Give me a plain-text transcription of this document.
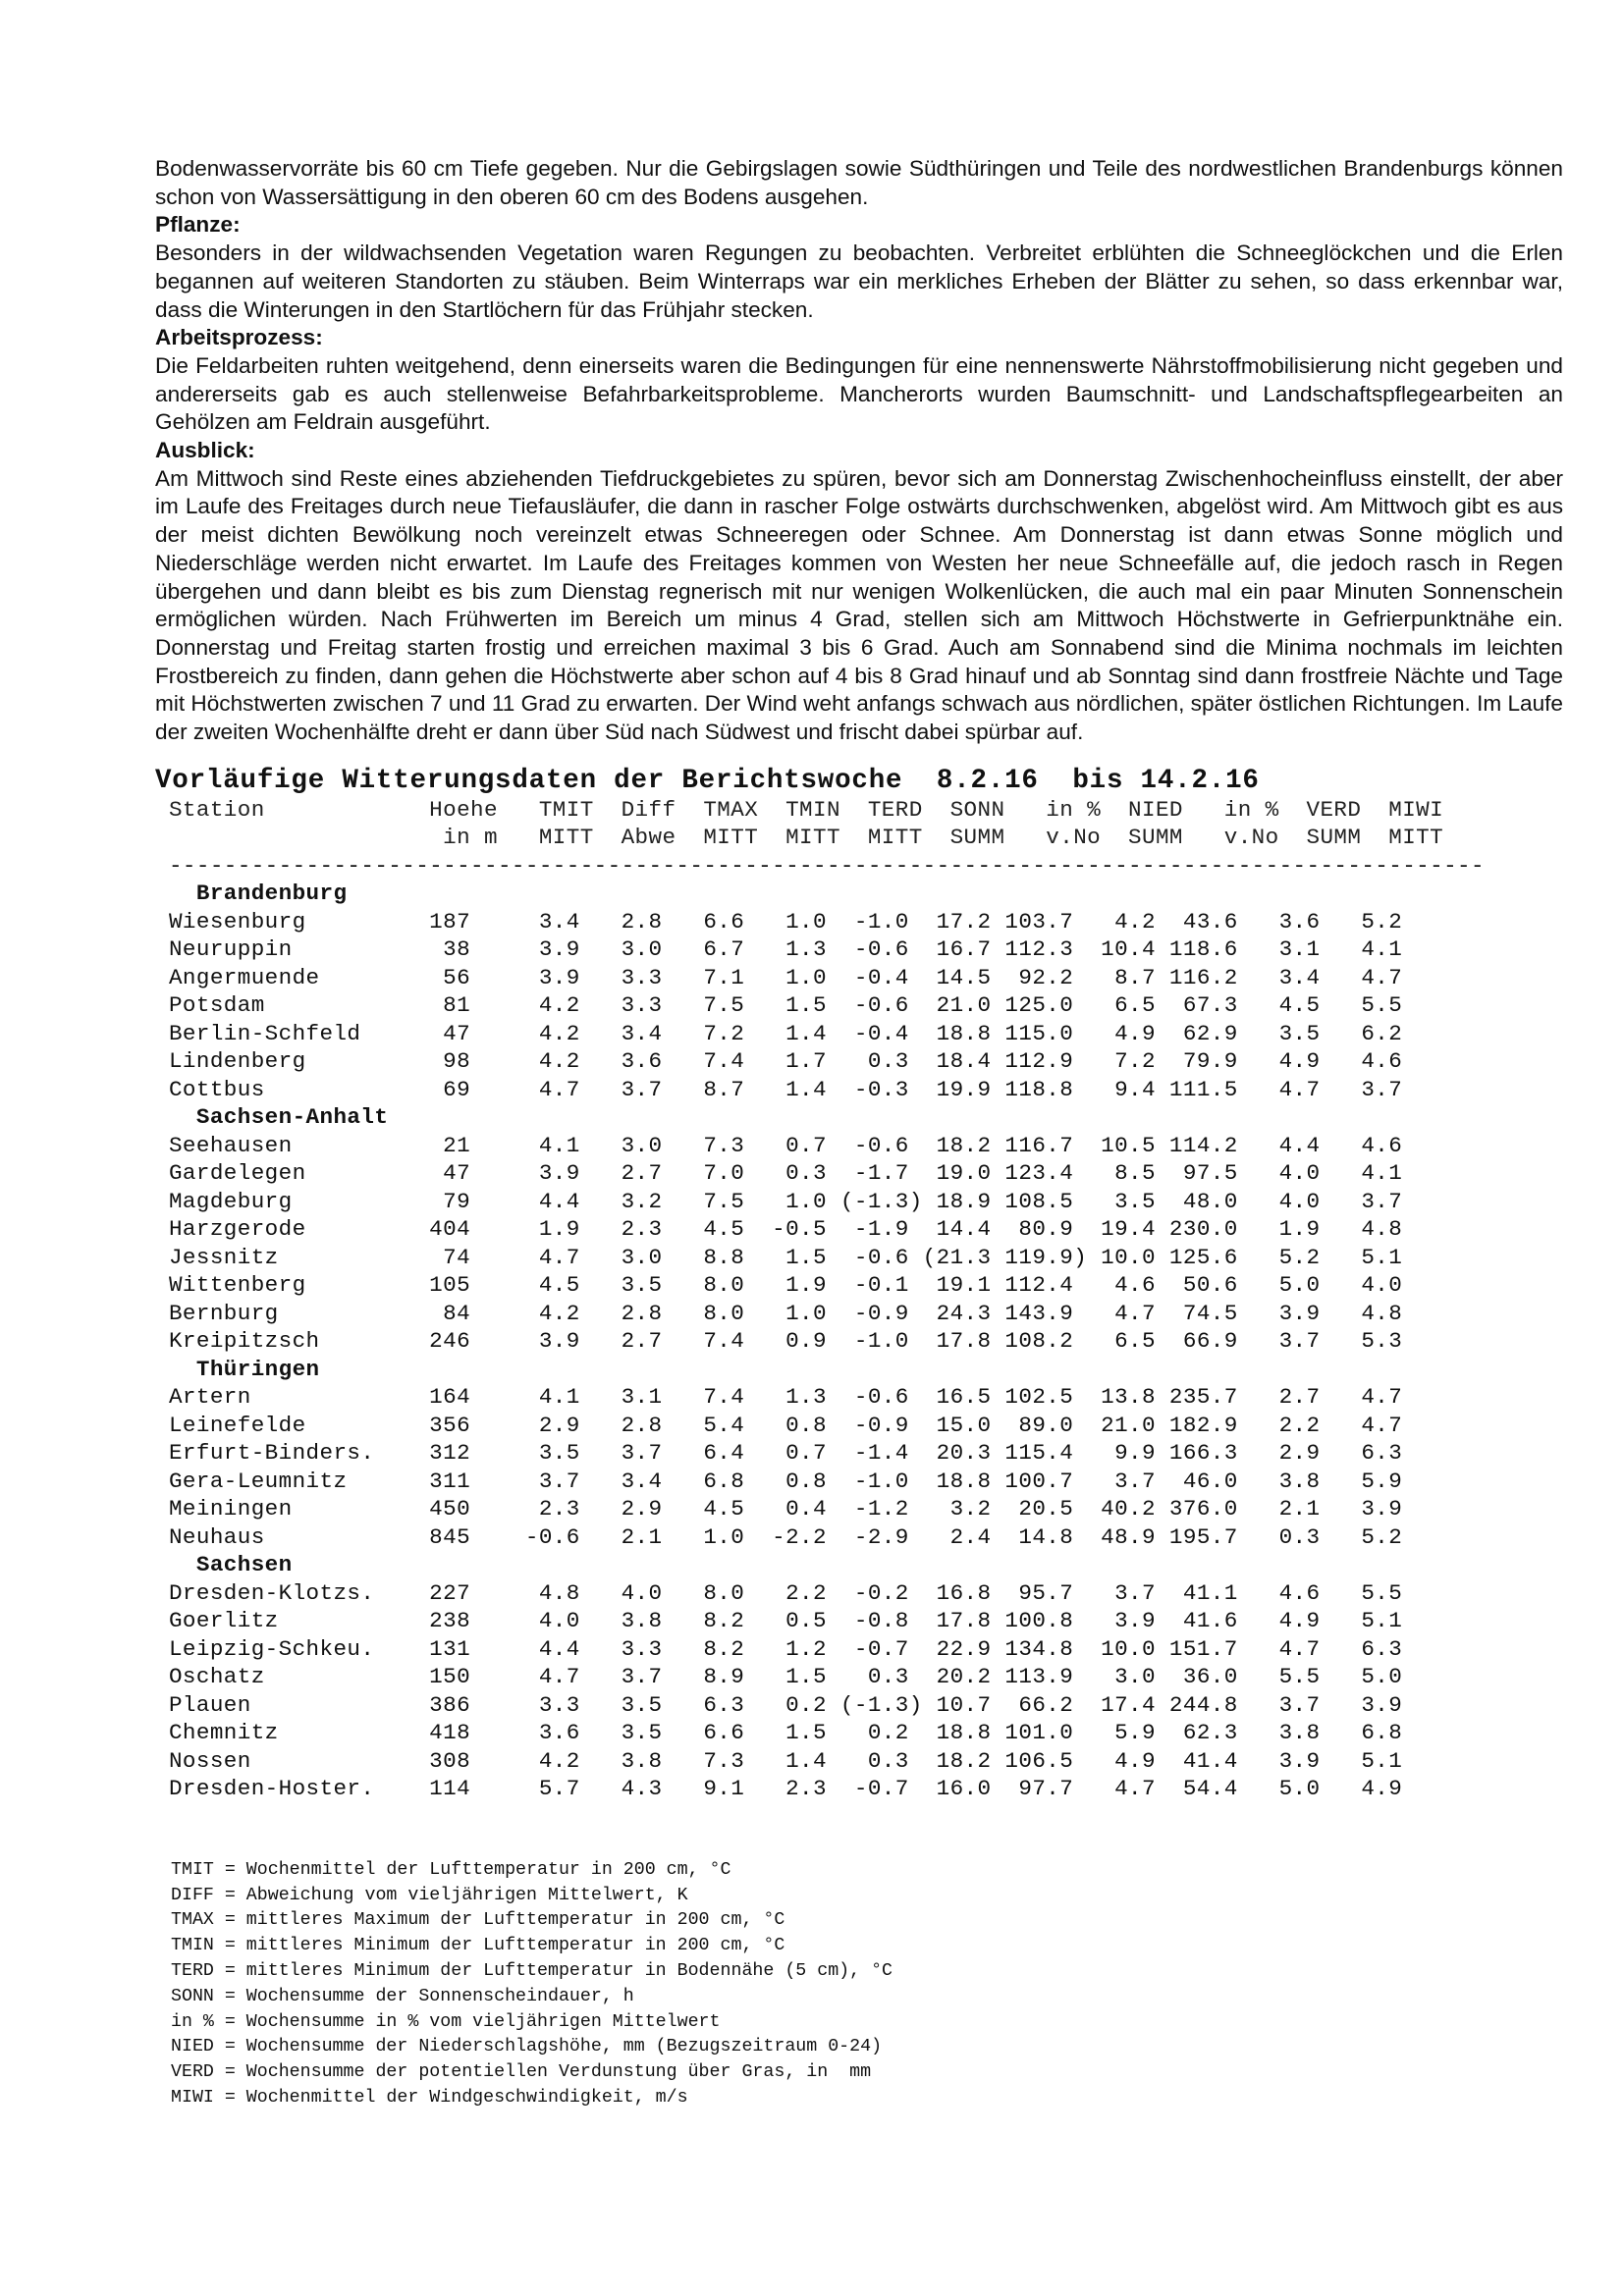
Bodenwasservorräte bis 60 cm Tiefe gegeben. Nur die Gebirgslagen sowie Südthüringen und Teile des nordwestlichen Brandenburgs können schon von Wassersättigung in den oberen 60 cm des Bodens ausgehen.

Pflanze:

Besonders in der wildwachsenden Vegetation waren Regungen zu beobachten. Verbreitet erblühten die Schneeglöckchen und die Erlen begannen auf weiteren Standorten zu stäuben. Beim Winterraps war ein merkliches Erheben der Blätter zu sehen, so dass erkennbar war, dass die Winterungen in den Startlöchern für das Frühjahr stecken.

Arbeitsprozess:

Die Feldarbeiten ruhten weitgehend, denn einerseits waren die Bedingungen für eine nennenswerte Nährstoffmobilisierung nicht gegeben und andererseits gab es auch stellenweise Befahrbarkeitsprobleme. Mancherorts wurden Baumschnitt- und Landschaftspflegearbeiten an Gehölzen am Feldrain ausgeführt.

Ausblick:

Am Mittwoch sind Reste eines abziehenden Tiefdruckgebietes zu spüren, bevor sich am Donnerstag Zwischenhocheinfluss einstellt, der aber im Laufe des Freitages durch neue Tiefausläufer, die dann in rascher Folge ostwärts durchschwenken, abgelöst wird. Am Mittwoch gibt es aus der meist dichten Bewölkung noch vereinzelt etwas Schneeregen oder Schnee. Am Donnerstag ist dann etwas Sonne möglich und Niederschläge werden nicht erwartet. Im Laufe des Freitages kommen von Westen her neue Schneefälle auf, die jedoch rasch in Regen übergehen und dann bleibt es bis zum Dienstag regnerisch mit nur wenigen Wolkenlücken, die auch mal ein paar Minuten Sonnenschein ermöglichen würden. Nach Frühwerten im Bereich um minus 4 Grad, stellen sich am Mittwoch Höchstwerte in Gefrierpunktnähe ein. Donnerstag und Freitag starten frostig und erreichen maximal 3 bis 6 Grad. Auch am Sonnabend sind die Minima nochmals im leichten Frostbereich zu finden, dann gehen die Höchstwerte aber schon auf 4 bis 8 Grad hinauf und ab Sonntag sind dann frostfreie Nächte und Tage mit Höchstwerten zwischen 7 und 11 Grad zu erwarten. Der Wind weht anfangs schwach aus nördlichen, später östlichen Richtungen. Im Laufe der zweiten Wochenhälfte dreht er dann über Süd nach Südwest und frischt dabei spürbar auf.

Vorläufige Witterungsdaten der Berichtswoche  8.2.16  bis 14.2.16
Station            Hoehe   TMIT  Diff  TMAX  TMIN  TERD  SONN   in %  NIED   in %  VERD  MIWI
in m   MITT  Abwe  MITT  MITT  MITT  SUMM   v.No  SUMM   v.No  SUMM  MITT
------------------------------------------------------------------------------------------------
Brandenburg
Wiesenburg         187     3.4   2.8   6.6   1.0  -1.0  17.2 103.7   4.2  43.6   3.6   5.2
Neuruppin           38     3.9   3.0   6.7   1.3  -0.6  16.7 112.3  10.4 118.6   3.1   4.1
Angermuende         56     3.9   3.3   7.1   1.0  -0.4  14.5  92.2   8.7 116.2   3.4   4.7
Potsdam             81     4.2   3.3   7.5   1.5  -0.6  21.0 125.0   6.5  67.3   4.5   5.5
Berlin-Schfeld      47     4.2   3.4   7.2   1.4  -0.4  18.8 115.0   4.9  62.9   3.5   6.2
Lindenberg          98     4.2   3.6   7.4   1.7   0.3  18.4 112.9   7.2  79.9   4.9   4.6
Cottbus             69     4.7   3.7   8.7   1.4  -0.3  19.9 118.8   9.4 111.5   4.7   3.7
Sachsen-Anhalt
Seehausen           21     4.1   3.0   7.3   0.7  -0.6  18.2 116.7  10.5 114.2   4.4   4.6
Gardelegen          47     3.9   2.7   7.0   0.3  -1.7  19.0 123.4   8.5  97.5   4.0   4.1
Magdeburg           79     4.4   3.2   7.5   1.0 (-1.3) 18.9 108.5   3.5  48.0   4.0   3.7
Harzgerode         404     1.9   2.3   4.5  -0.5  -1.9  14.4  80.9  19.4 230.0   1.9   4.8
Jessnitz            74     4.7   3.0   8.8   1.5  -0.6 (21.3 119.9) 10.0 125.6   5.2   5.1
Wittenberg         105     4.5   3.5   8.0   1.9  -0.1  19.1 112.4   4.6  50.6   5.0   4.0
Bernburg            84     4.2   2.8   8.0   1.0  -0.9  24.3 143.9   4.7  74.5   3.9   4.8
Kreipitzsch        246     3.9   2.7   7.4   0.9  -1.0  17.8 108.2   6.5  66.9   3.7   5.3
Thüringen
Artern             164     4.1   3.1   7.4   1.3  -0.6  16.5 102.5  13.8 235.7   2.7   4.7
Leinefelde         356     2.9   2.8   5.4   0.8  -0.9  15.0  89.0  21.0 182.9   2.2   4.7
Erfurt-Binders.    312     3.5   3.7   6.4   0.7  -1.4  20.3 115.4   9.9 166.3   2.9   6.3
Gera-Leumnitz      311     3.7   3.4   6.8   0.8  -1.0  18.8 100.7   3.7  46.0   3.8   5.9
Meiningen          450     2.3   2.9   4.5   0.4  -1.2   3.2  20.5  40.2 376.0   2.1   3.9
Neuhaus            845    -0.6   2.1   1.0  -2.2  -2.9   2.4  14.8  48.9 195.7   0.3   5.2
Sachsen
Dresden-Klotzs.    227     4.8   4.0   8.0   2.2  -0.2  16.8  95.7   3.7  41.1   4.6   5.5
Goerlitz           238     4.0   3.8   8.2   0.5  -0.8  17.8 100.8   3.9  41.6   4.9   5.1
Leipzig-Schkeu.    131     4.4   3.3   8.2   1.2  -0.7  22.9 134.8  10.0 151.7   4.7   6.3
Oschatz            150     4.7   3.7   8.9   1.5   0.3  20.2 113.9   3.0  36.0   5.5   5.0
Plauen             386     3.3   3.5   6.3   0.2 (-1.3) 10.7  66.2  17.4 244.8   3.7   3.9
Chemnitz           418     3.6   3.5   6.6   1.5   0.2  18.8 101.0   5.9  62.3   3.8   6.8
Nossen             308     4.2   3.8   7.3   1.4   0.3  18.2 106.5   4.9  41.4   3.9   5.1
Dresden-Hoster.    114     5.7   4.3   9.1   2.3  -0.7  16.0  97.7   4.7  54.4   5.0   4.9
TMIT = Wochenmittel der Lufttemperatur in 200 cm, °C
DIFF = Abweichung vom vieljährigen Mittelwert, K
TMAX = mittleres Maximum der Lufttemperatur in 200 cm, °C
TMIN = mittleres Minimum der Lufttemperatur in 200 cm, °C
TERD = mittleres Minimum der Lufttemperatur in Bodennähe (5 cm), °C
SONN = Wochensumme der Sonnenscheindauer, h
in % = Wochensumme in % vom vieljährigen Mittelwert
NIED = Wochensumme der Niederschlagshöhe, mm (Bezugszeitraum 0-24)
VERD = Wochensumme der potentiellen Verdunstung über Gras, in  mm
MIWI = Wochenmittel der Windgeschwindigkeit, m/s
